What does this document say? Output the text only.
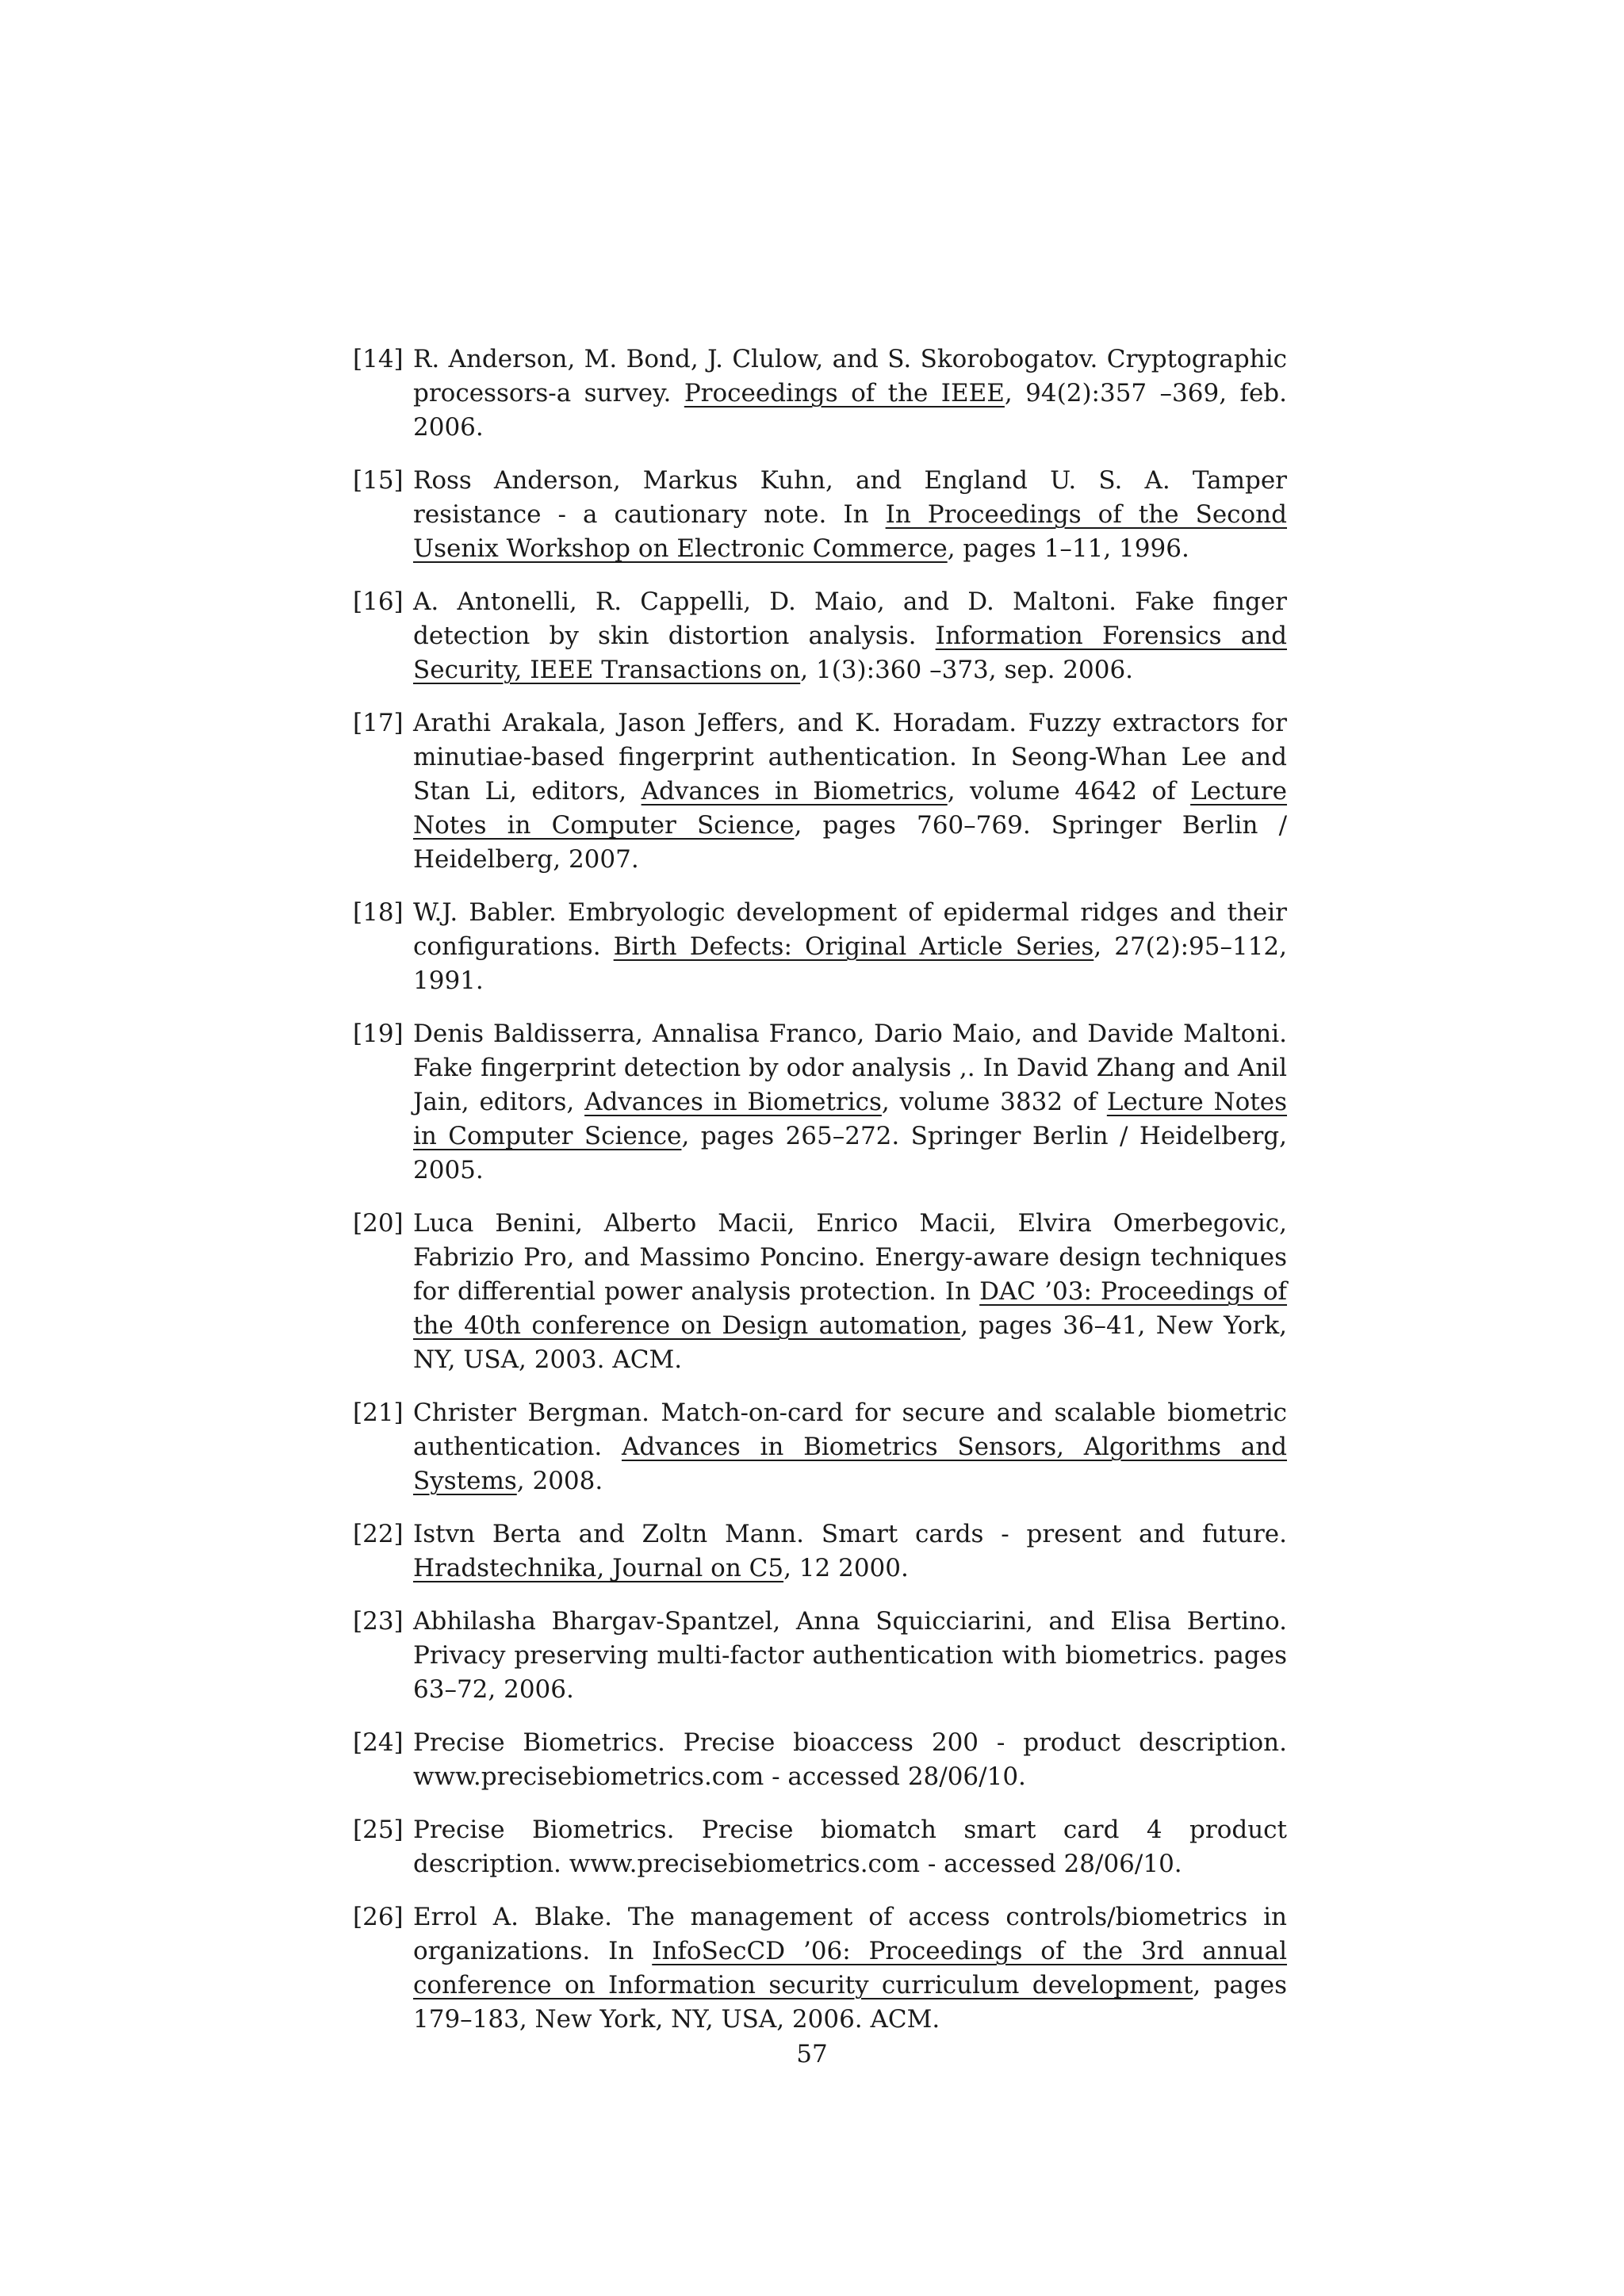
[14] R. Anderson, M. Bond, J. Clulow, and S. Skorobogatov. Cryptographic processors-a survey. Proceedings of the IEEE, 94(2):357 –369, feb. 2006.
[15] Ross Anderson, Markus Kuhn, and England U. S. A. Tamper resistance - a cautionary note. In In Proceedings of the Second Usenix Workshop on Electronic Commerce, pages 1–11, 1996.
[16] A. Antonelli, R. Cappelli, D. Maio, and D. Maltoni. Fake finger detection by skin distortion analysis. Information Forensics and Security, IEEE Transactions on, 1(3):360 –373, sep. 2006.
[17] Arathi Arakala, Jason Jeffers, and K. Horadam. Fuzzy extractors for minutiae-based fingerprint authentication. In Seong-Whan Lee and Stan Li, editors, Advances in Biometrics, volume 4642 of Lecture Notes in Computer Science, pages 760–769. Springer Berlin / Heidelberg, 2007.
[18] W.J. Babler. Embryologic development of epidermal ridges and their configurations. Birth Defects: Original Article Series, 27(2):95–112, 1991.
[19] Denis Baldisserra, Annalisa Franco, Dario Maio, and Davide Maltoni. Fake fingerprint detection by odor analysis ,. In David Zhang and Anil Jain, editors, Advances in Biometrics, volume 3832 of Lecture Notes in Computer Science, pages 265–272. Springer Berlin / Heidelberg, 2005.
[20] Luca Benini, Alberto Macii, Enrico Macii, Elvira Omerbegovic, Fabrizio Pro, and Massimo Poncino. Energy-aware design techniques for differential power analysis protection. In DAC ’03: Proceedings of the 40th conference on Design automation, pages 36–41, New York, NY, USA, 2003. ACM.
[21] Christer Bergman. Match-on-card for secure and scalable biometric authentication. Advances in Biometrics Sensors, Algorithms and Systems, 2008.
[22] Istvn Berta and Zoltn Mann. Smart cards - present and future. Hradstechnika, Journal on C5, 12 2000.
[23] Abhilasha Bhargav-Spantzel, Anna Squicciarini, and Elisa Bertino. Privacy preserving multi-factor authentication with biometrics. pages 63–72, 2006.
[24] Precise Biometrics. Precise bioaccess 200 - product description. www.precisebiometrics.com - accessed 28/06/10.
[25] Precise Biometrics. Precise biomatch smart card 4 product description. www.precisebiometrics.com - accessed 28/06/10.
[26] Errol A. Blake. The management of access controls/biometrics in organizations. In InfoSecCD ’06: Proceedings of the 3rd annual conference on Information security curriculum development, pages 179–183, New York, NY, USA, 2006. ACM.
57
